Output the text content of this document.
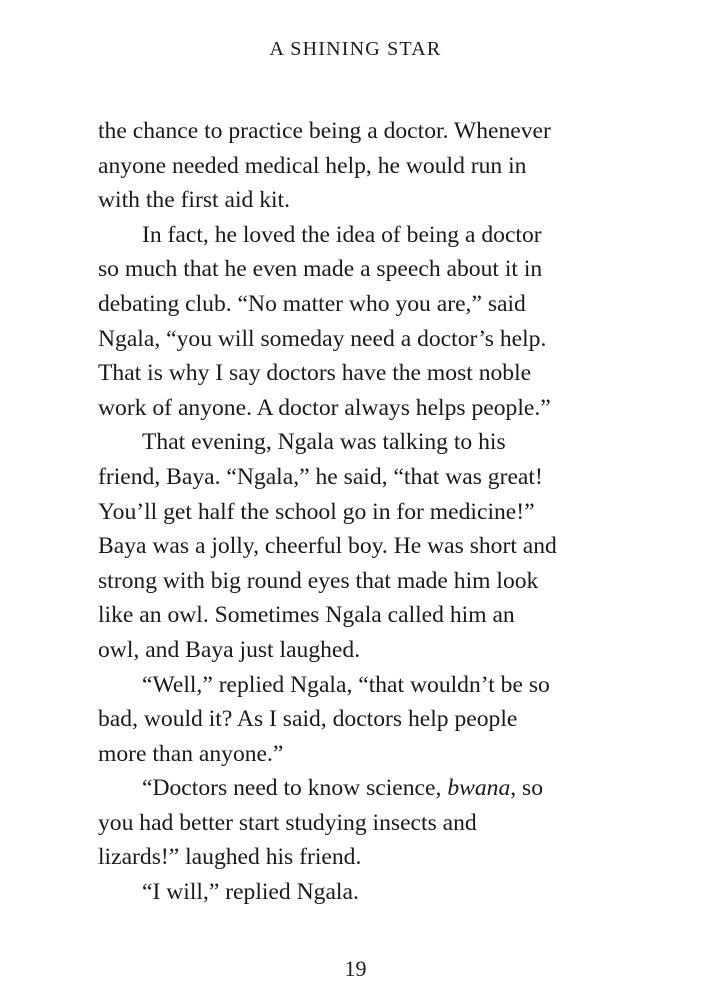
A SHINING STAR
the chance to practice being a doctor. Whenever
anyone needed medical help, he would run in
with the first aid kit.
In fact, he loved the idea of being a doctor
so much that he even made a speech about it in
debating club. “No matter who you are,” said
Ngala, “you will someday need a doctor’s help.
That is why I say doctors have the most noble
work of anyone. A doctor always helps people.”
That evening, Ngala was talking to his
friend, Baya. “Ngala,” he said, “that was great!
You’ll get half the school go in for medicine!”
Baya was a jolly, cheerful boy. He was short and
strong with big round eyes that made him look
like an owl. Sometimes Ngala called him an
owl, and Baya just laughed.
“Well,” replied Ngala, “that wouldn’t be so
bad, would it? As I said, doctors help people
more than anyone.”
“Doctors need to know science, bwana, so
you had better start studying insects and
lizards!” laughed his friend.
“I will,” replied Ngala.
19
